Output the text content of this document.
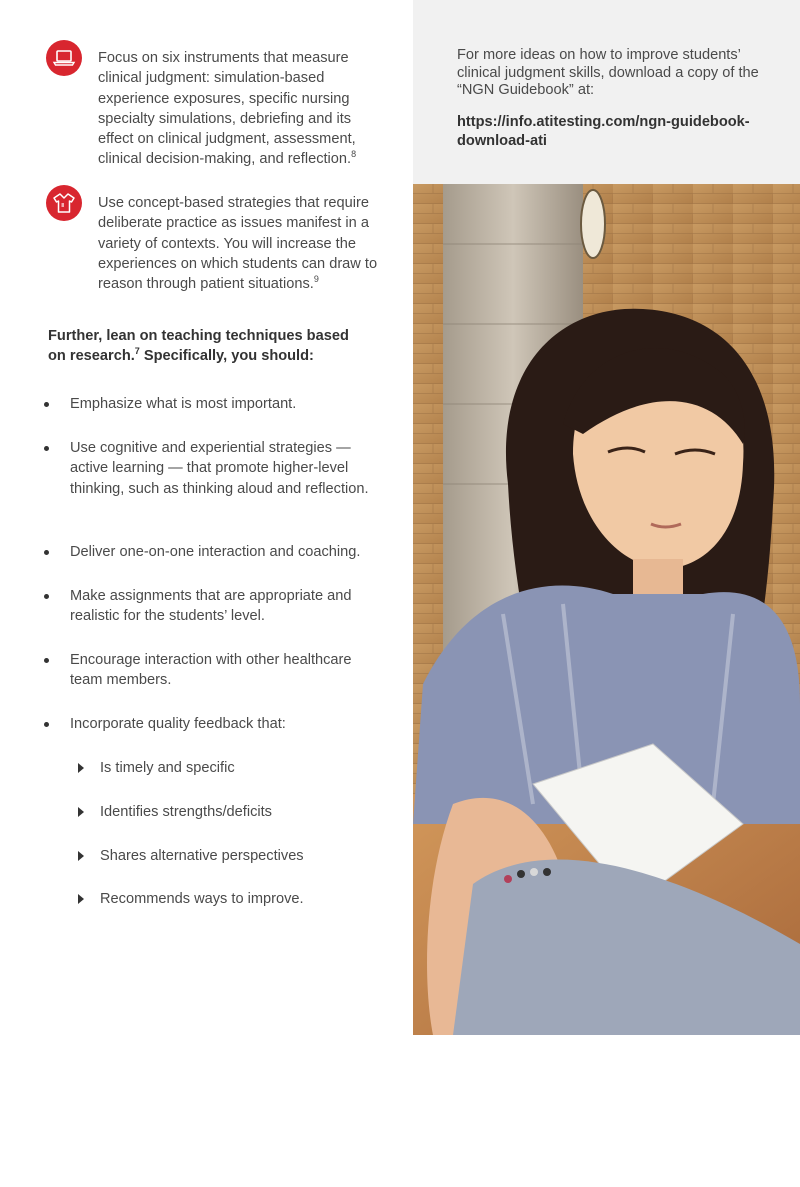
Focus on six instruments that measure clinical judgment: simulation-based experience exposures, specific nursing specialty simulations, debriefing and its effect on clinical judgment, assessment, clinical decision-making, and reflection.$^8$
Use concept-based strategies that require deliberate practice as issues manifest in a variety of contexts. You will increase the experiences on which students can draw to reason through patient situations.$^9$
Further, lean on teaching techniques based on research.$^7$ Specifically, you should:
Emphasize what is most important.
Use cognitive and experiential strategies — active learning — that promote higher-level thinking, such as thinking aloud and reflection.
Deliver one-on-one interaction and coaching.
Make assignments that are appropriate and realistic for the students’ level.
Encourage interaction with other healthcare team members.
Incorporate quality feedback that:
Is timely and specific
Identifies strengths/deficits
Shares alternative perspectives
Recommends ways to improve.
For more ideas on how to improve students’ clinical judgment skills, download a copy of the “NGN Guidebook” at:
https://info.atitesting.com/ngn-guidebook-download-ati
5
